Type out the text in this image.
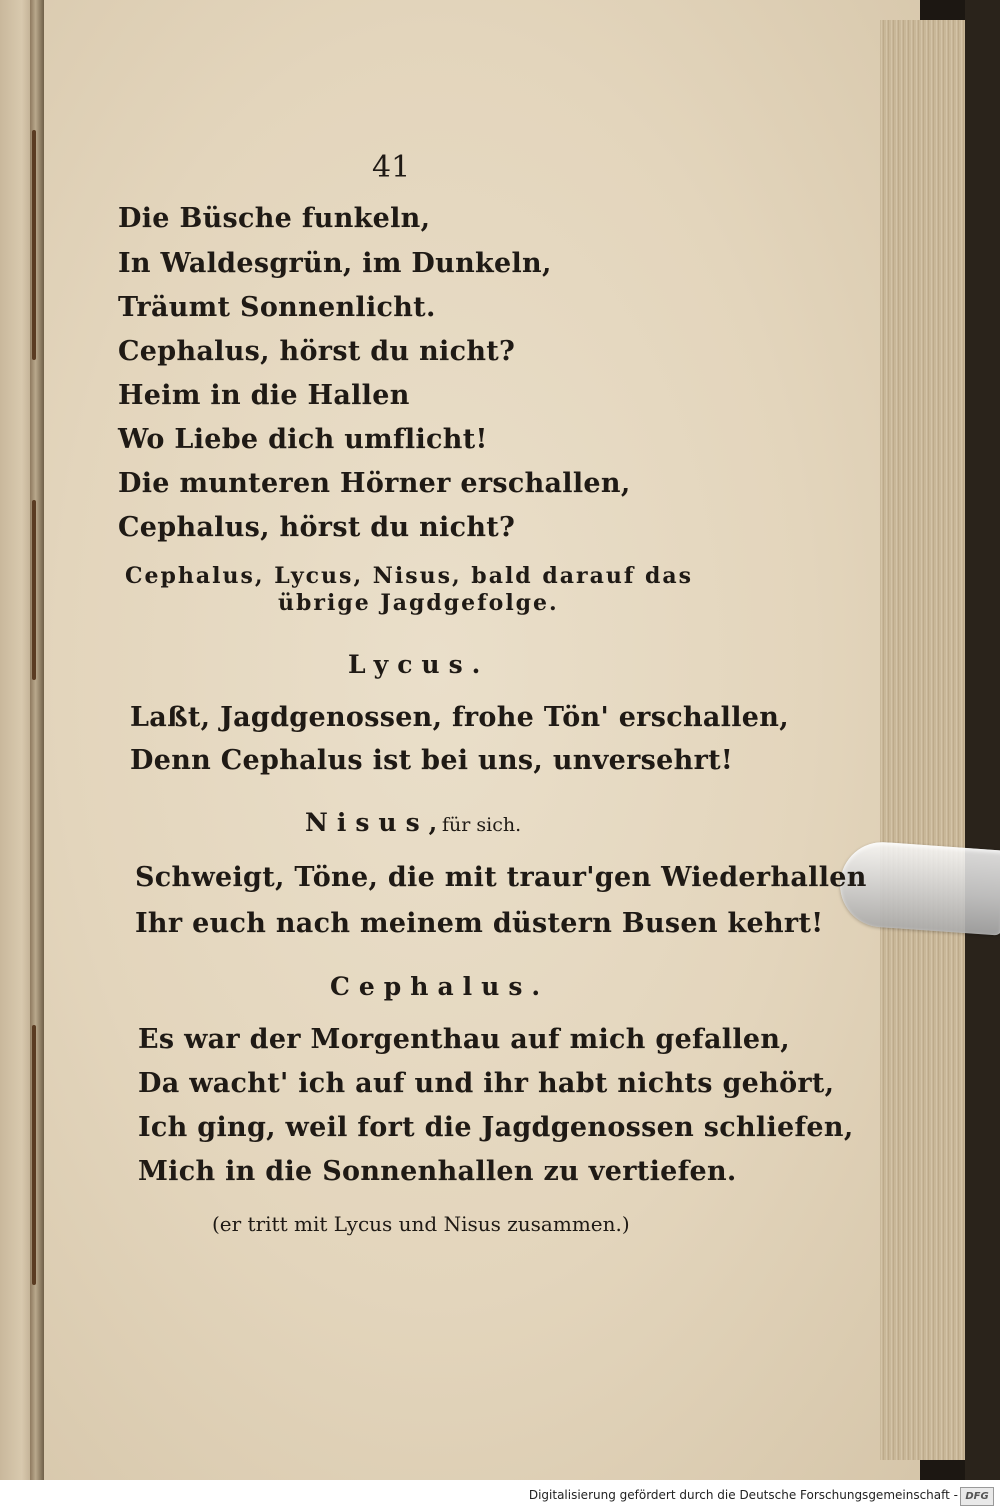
41
Die Büsche funkeln,
In Waldesgrün, im Dunkeln,
Träumt Sonnenlicht.
Cephalus, hörst du nicht?
Heim in die Hallen
Wo Liebe dich umflicht!
Die munteren Hörner erschallen,
Cephalus, hörst du nicht?
Cephalus, Lycus, Nisus, bald darauf das
übrige Jagdgefolge.
Lycus.
Laßt, Jagdgenossen, frohe Tön' erschallen,
Denn Cephalus ist bei uns, unversehrt!
Nisus,
für sich.
Schweigt, Töne, die mit traur'gen Wiederhallen
Ihr euch nach meinem düstern Busen kehrt!
Cephalus.
Es war der Morgenthau auf mich gefallen,
Da wacht' ich auf und ihr habt nichts gehört,
Ich ging, weil fort die Jagdgenossen schliefen,
Mich in die Sonnenhallen zu vertiefen.
(er tritt mit Lycus und Nisus zusammen.)
Digitalisierung gefördert durch die Deutsche Forschungsgemeinschaft - DFG
